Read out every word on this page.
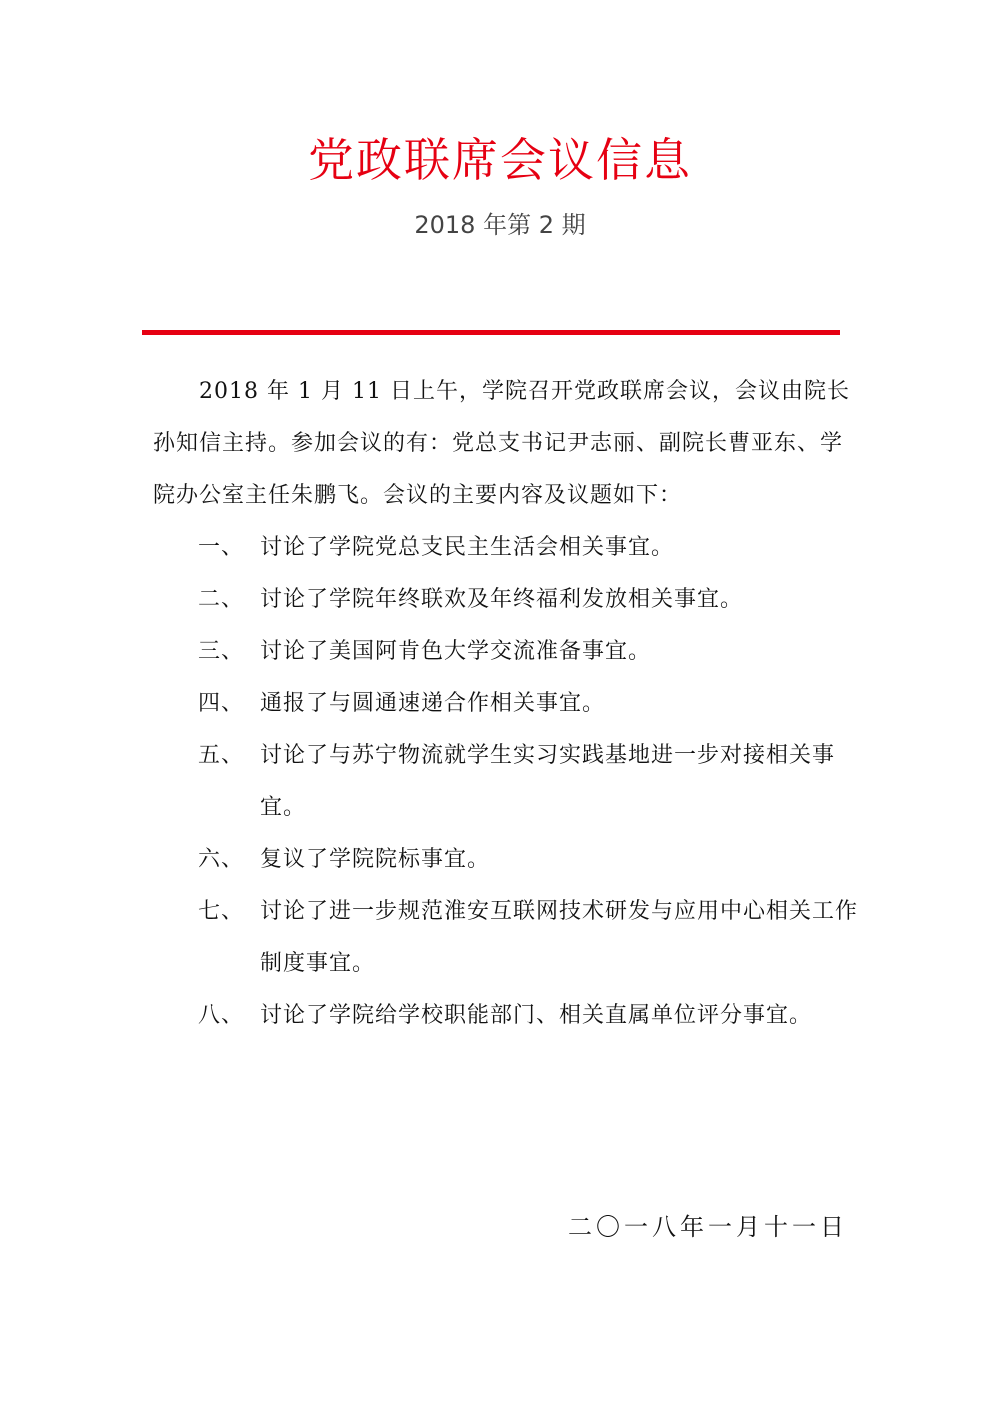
党政联席会议信息
2018 年第 2 期

2018 年 1 月 11 日上午，学院召开党政联席会议，会议由院长孙知信主持。参加会议的有：党总支书记尹志丽、副院长曹亚东、学院办公室主任朱鹏飞。会议的主要内容及议题如下：

一、 讨论了学院党总支民主生活会相关事宜。
二、 讨论了学院年终联欢及年终福利发放相关事宜。
三、 讨论了美国阿肯色大学交流准备事宜。
四、 通报了与圆通速递合作相关事宜。
五、 讨论了与苏宁物流就学生实习实践基地进一步对接相关事宜。
六、 复议了学院院标事宜。
七、 讨论了进一步规范淮安互联网技术研发与应用中心相关工作制度事宜。
八、 讨论了学院给学校职能部门、相关直属单位评分事宜。
二〇一八年一月十一日
